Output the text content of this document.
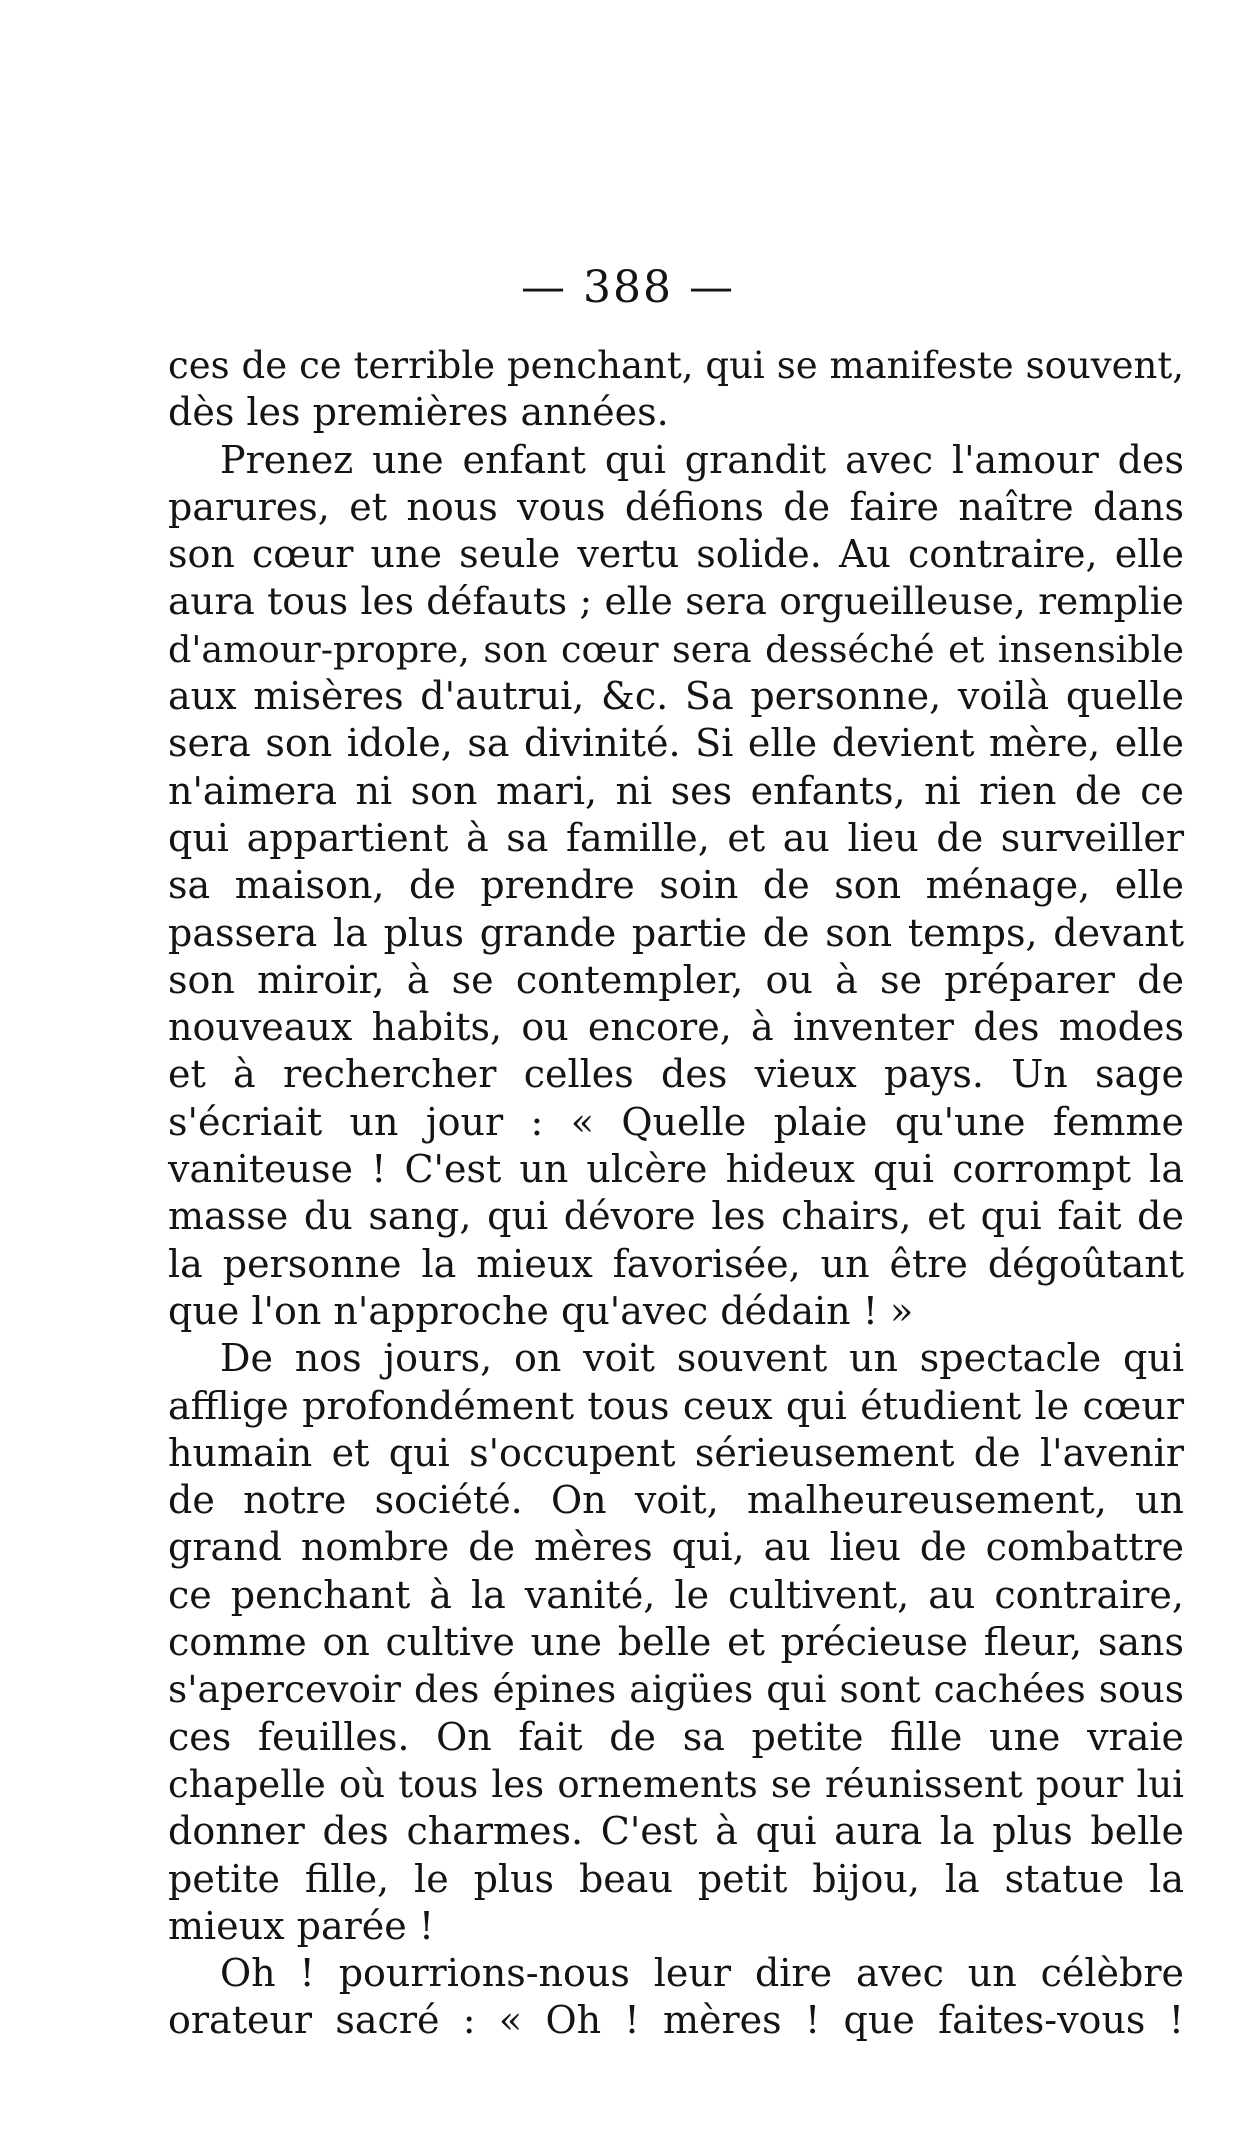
— 388 —
ces de ce terrible penchant, qui se manifeste souvent,
dès les premières années.
Prenez une enfant qui grandit avec l'amour des
parures, et nous vous défions de faire naître dans
son cœur une seule vertu solide. Au contraire, elle
aura tous les défauts ; elle sera orgueilleuse, remplie
d'amour-propre, son cœur sera desséché et insensible
aux misères d'autrui, &c. Sa personne, voilà quelle
sera son idole, sa divinité. Si elle devient mère, elle
n'aimera ni son mari, ni ses enfants, ni rien de ce
qui appartient à sa famille, et au lieu de surveiller
sa maison, de prendre soin de son ménage, elle
passera la plus grande partie de son temps, devant
son miroir, à se contempler, ou à se préparer de
nouveaux habits, ou encore, à inventer des modes
et à rechercher celles des vieux pays. Un sage
s'écriait un jour : « Quelle plaie qu'une femme
vaniteuse ! C'est un ulcère hideux qui corrompt la
masse du sang, qui dévore les chairs, et qui fait de
la personne la mieux favorisée, un être dégoûtant
que l'on n'approche qu'avec dédain ! »
De nos jours, on voit souvent un spectacle qui
afflige profondément tous ceux qui étudient le cœur
humain et qui s'occupent sérieusement de l'avenir
de notre société. On voit, malheureusement, un
grand nombre de mères qui, au lieu de combattre
ce penchant à la vanité, le cultivent, au contraire,
comme on cultive une belle et précieuse fleur, sans
s'apercevoir des épines aigües qui sont cachées sous
ces feuilles. On fait de sa petite fille une vraie
chapelle où tous les ornements se réunissent pour lui
donner des charmes. C'est à qui aura la plus belle
petite fille, le plus beau petit bijou, la statue la
mieux parée !
Oh ! pourrions-nous leur dire avec un célèbre
orateur sacré : « Oh ! mères ! que faites-vous !
